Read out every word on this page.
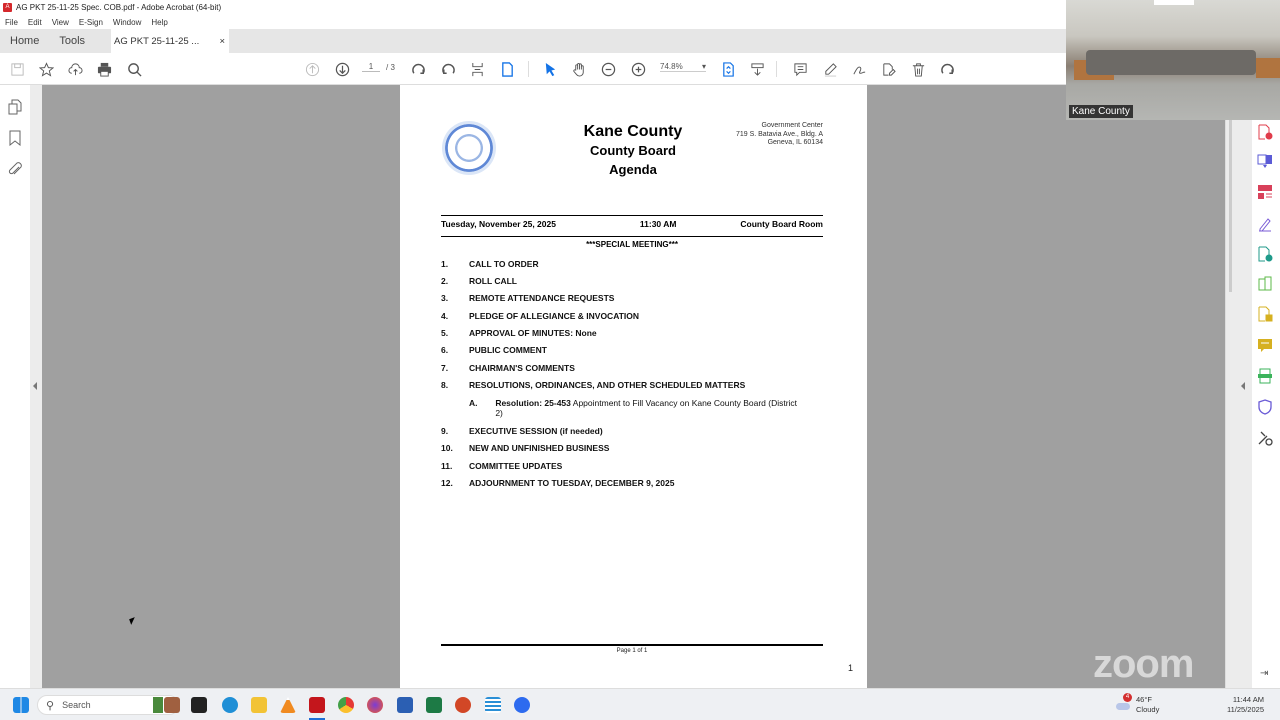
A AG PKT 25-11-25 Spec. COB.pdf - Adobe Acrobat (64-bit)
File	Edit	View	E-Sign	Window	Help
Home	Tools	AG PKT 25-11-25 ... ×
1	/ 3	74.8% ▾
Kane County
County Board
Agenda
Government Center
719 S. Batavia Ave., Bldg. A
Geneva, IL 60134
Tuesday, November 25, 2025	11:30 AM	County Board Room
***SPECIAL MEETING***
1.	CALL TO ORDER
2.	ROLL CALL
3.	REMOTE ATTENDANCE REQUESTS
4.	PLEDGE OF ALLEGIANCE & INVOCATION
5.	APPROVAL OF MINUTES: None
6.	PUBLIC COMMENT
7.	CHAIRMAN'S COMMENTS
8.	RESOLUTIONS, ORDINANCES, AND OTHER SCHEDULED MATTERS
A.	Resolution: 25-453 Appointment to Fill Vacancy on Kane County Board (District 2)
9.	EXECUTIVE SESSION (if needed)
10.	NEW AND UNFINISHED BUSINESS
11.	COMMITTEE UPDATES
12.	ADJOURNMENT TO TUESDAY, DECEMBER 9, 2025
Page 1 of 1
1
Kane County
zoom	⇥
⚲ Search
4 46°F
Cloudy
11:44 AM
11/25/2025
